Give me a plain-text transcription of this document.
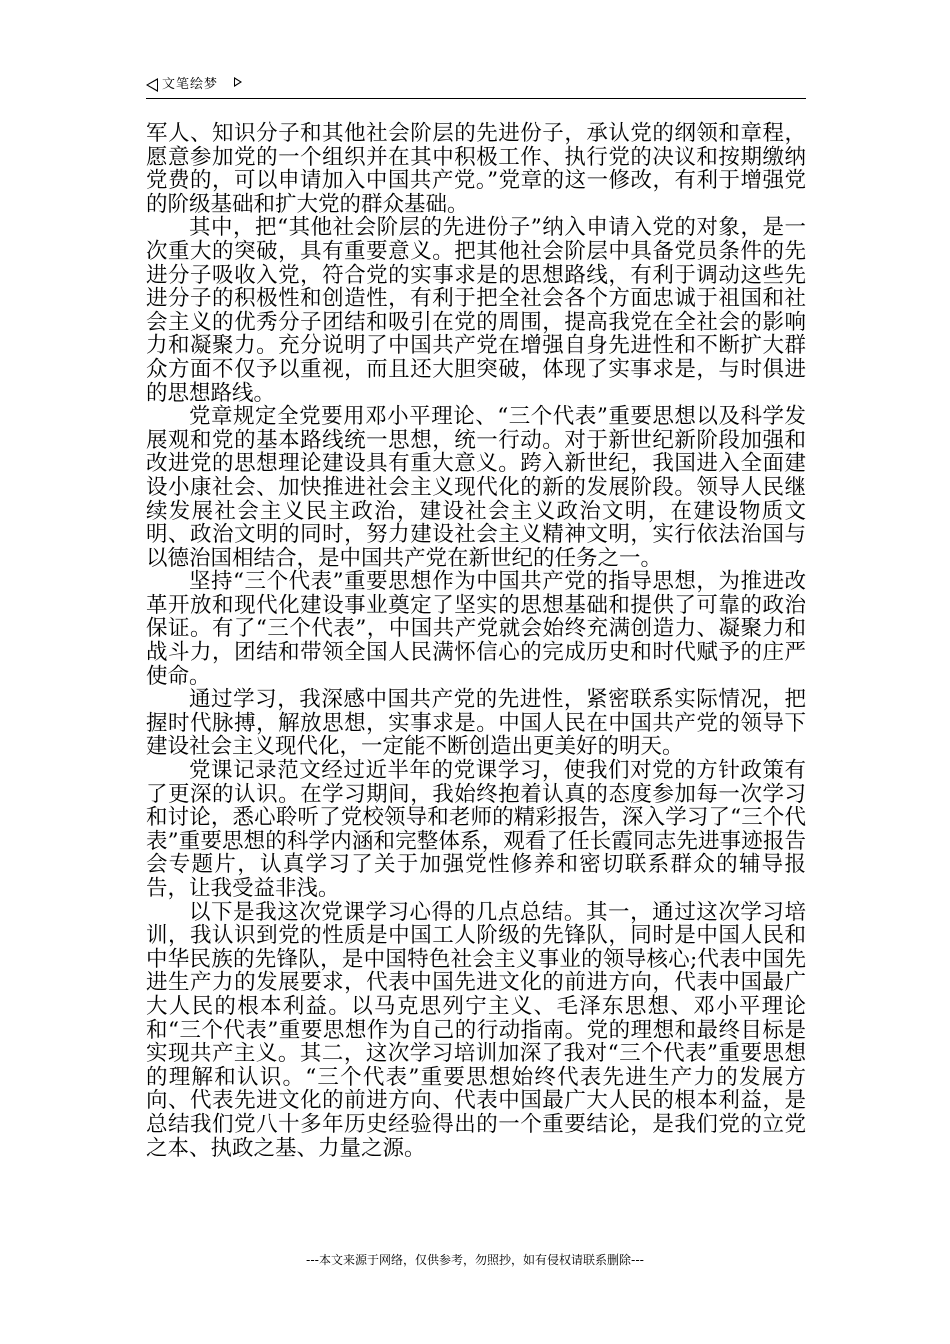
文笔绘梦

军人、知识分子和其他社会阶层的先进份子，承认党的纲领和章程，愿意参加党的一个组织并在其中积极工作、执行党的决议和按期缴纳党费的，可以申请加入中国共产党。”党章的这一修改，有利于增强党的阶级基础和扩大党的群众基础。

其中，把“其他社会阶层的先进份子”纳入申请入党的对象，是一次重大的突破，具有重要意义。把其他社会阶层中具备党员条件的先进分子吸收入党，符合党的实事求是的思想路线，有利于调动这些先进分子的积极性和创造性，有利于把全社会各个方面忠诚于祖国和社会主义的优秀分子团结和吸引在党的周围，提高我党在全社会的影响力和凝聚力。充分说明了中国共产党在增强自身先进性和不断扩大群众方面不仅予以重视，而且还大胆突破，体现了实事求是，与时俱进的思想路线。

党章规定全党要用邓小平理论、“三个代表”重要思想以及科学发展观和党的基本路线统一思想，统一行动。对于新世纪新阶段加强和改进党的思想理论建设具有重大意义。跨入新世纪，我国进入全面建设小康社会、加快推进社会主义现代化的新的发展阶段。领导人民继续发展社会主义民主政治，建设社会主义政治文明，在建设物质文明、政治文明的同时，努力建设社会主义精神文明，实行依法治国与以德治国相结合，是中国共产党在新世纪的任务之一。

坚持“三个代表”重要思想作为中国共产党的指导思想，为推进改革开放和现代化建设事业奠定了坚实的思想基础和提供了可靠的政治保证。有了“三个代表”，中国共产党就会始终充满创造力、凝聚力和战斗力，团结和带领全国人民满怀信心的完成历史和时代赋予的庄严使命。

通过学习，我深感中国共产党的先进性，紧密联系实际情况，把握时代脉搏，解放思想，实事求是。中国人民在中国共产党的领导下建设社会主义现代化，一定能不断创造出更美好的明天。

党课记录范文经过近半年的党课学习，使我们对党的方针政策有了更深的认识。在学习期间，我始终抱着认真的态度参加每一次学习和讨论，悉心聆听了党校领导和老师的精彩报告，深入学习了“三个代表”重要思想的科学内涵和完整体系，观看了任长霞同志先进事迹报告会专题片，认真学习了关于加强党性修养和密切联系群众的辅导报告，让我受益非浅。

以下是我这次党课学习心得的几点总结。其一，通过这次学习培训，我认识到党的性质是中国工人阶级的先锋队，同时是中国人民和中华民族的先锋队，是中国特色社会主义事业的领导核心;代表中国先进生产力的发展要求，代表中国先进文化的前进方向，代表中国最广大人民的根本利益。以马克思列宁主义、毛泽东思想、邓小平理论和“三个代表”重要思想作为自己的行动指南。党的理想和最终目标是实现共产主义。其二，这次学习培训加深了我对“三个代表”重要思想的理解和认识。“三个代表”重要思想始终代表先进生产力的发展方向、代表先进文化的前进方向、代表中国最广大人民的根本利益，是总结我们党八十多年历史经验得出的一个重要结论，是我们党的立党之本、执政之基、力量之源。

---本文来源于网络，仅供参考，勿照抄，如有侵权请联系删除---
